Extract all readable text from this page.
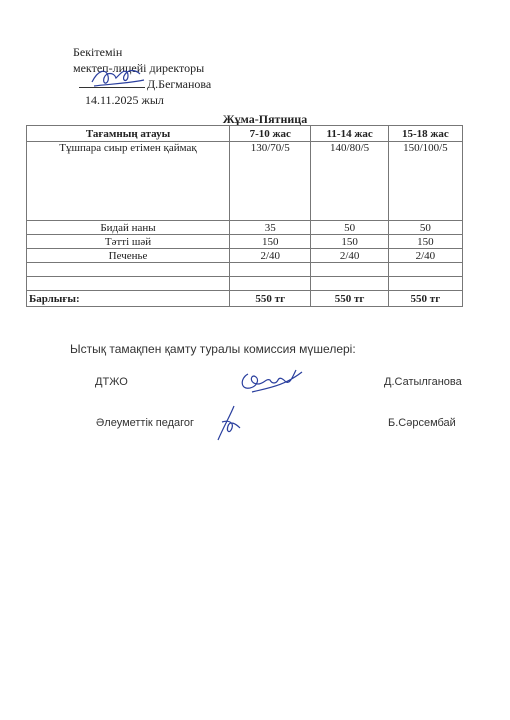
Бекітемін
мектеп-лицейі директоры
Д.Бегманова
14.11.2025 жыл
Жұма-Пятница
Тағамның атауы	7-10 жас	11-14 жас	15-18 жас
Тұшпара сиыр етімен қаймақ	130/70/5	140/80/5	150/100/5
Бидай наны	35	50	50
Тәтті шәй	150	150	150
Печенье	2/40	2/40	2/40

Барлығы:	550 тг	550 тг	550 тг
Ыстық тамақпен қамту туралы комиссия мүшелері:
ДТЖО	Д.Сатылганова
Әлеуметтік педагог	Б.Сәрсембай
